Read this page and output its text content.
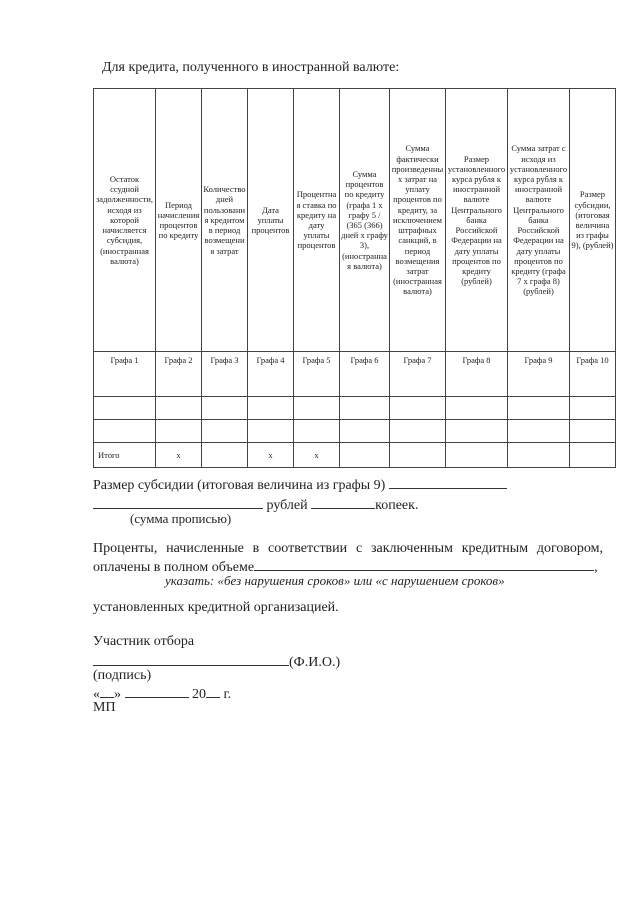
Для кредита, полученного в иностранной валюте:
Остаток ссудной задолженности, исходя из которой начисляется субсидия, (иностранная валюта)	Период начисления процентов по кредиту	Количество дней пользования кредитом в период возмещения затрат	Дата уплаты процентов	Процентная ставка по кредиту на дату уплаты процентов	Сумма процентов по кредиту (графа 1 x графу 5 / (365 (366) дней x графу 3), (иностранная валюта)	Сумма фактически произведенных затрат на уплату процентов по кредиту, за исключением штрафных санкций, в период возмещения затрат (иностранная валюта)	Размер установленного курса рубля к иностранной валюте Центрального банка Российской Федерации на дату уплаты процентов по кредиту (рублей)	Сумма затрат с исходя из установленного курса рубля к иностранной валюте Центрального банка Российской Федерации на дату уплаты процентов по кредиту (графа 7 x графа 8) (рублей)	Размер субсидии, (итоговая величина из графы 9), (рублей)
Графа 1	Графа 2	Графа 3	Графа 4	Графа 5	Графа 6	Графа 7	Графа 8	Графа 9	Графа 10

Итого	x		x	x					
Размер субсидии (итоговая величина из графы 9)
рублей	копеек.
(сумма прописью)
Проценты, начисленные в соответствии с заключенным кредитным договором,
оплачены в полном объеме	,
указать: «без нарушения сроков» или «с нарушением сроков»
установленных кредитной организацией.
Участник отбора
(Ф.И.О.)
(подпись)
« »	20 г.
МП
